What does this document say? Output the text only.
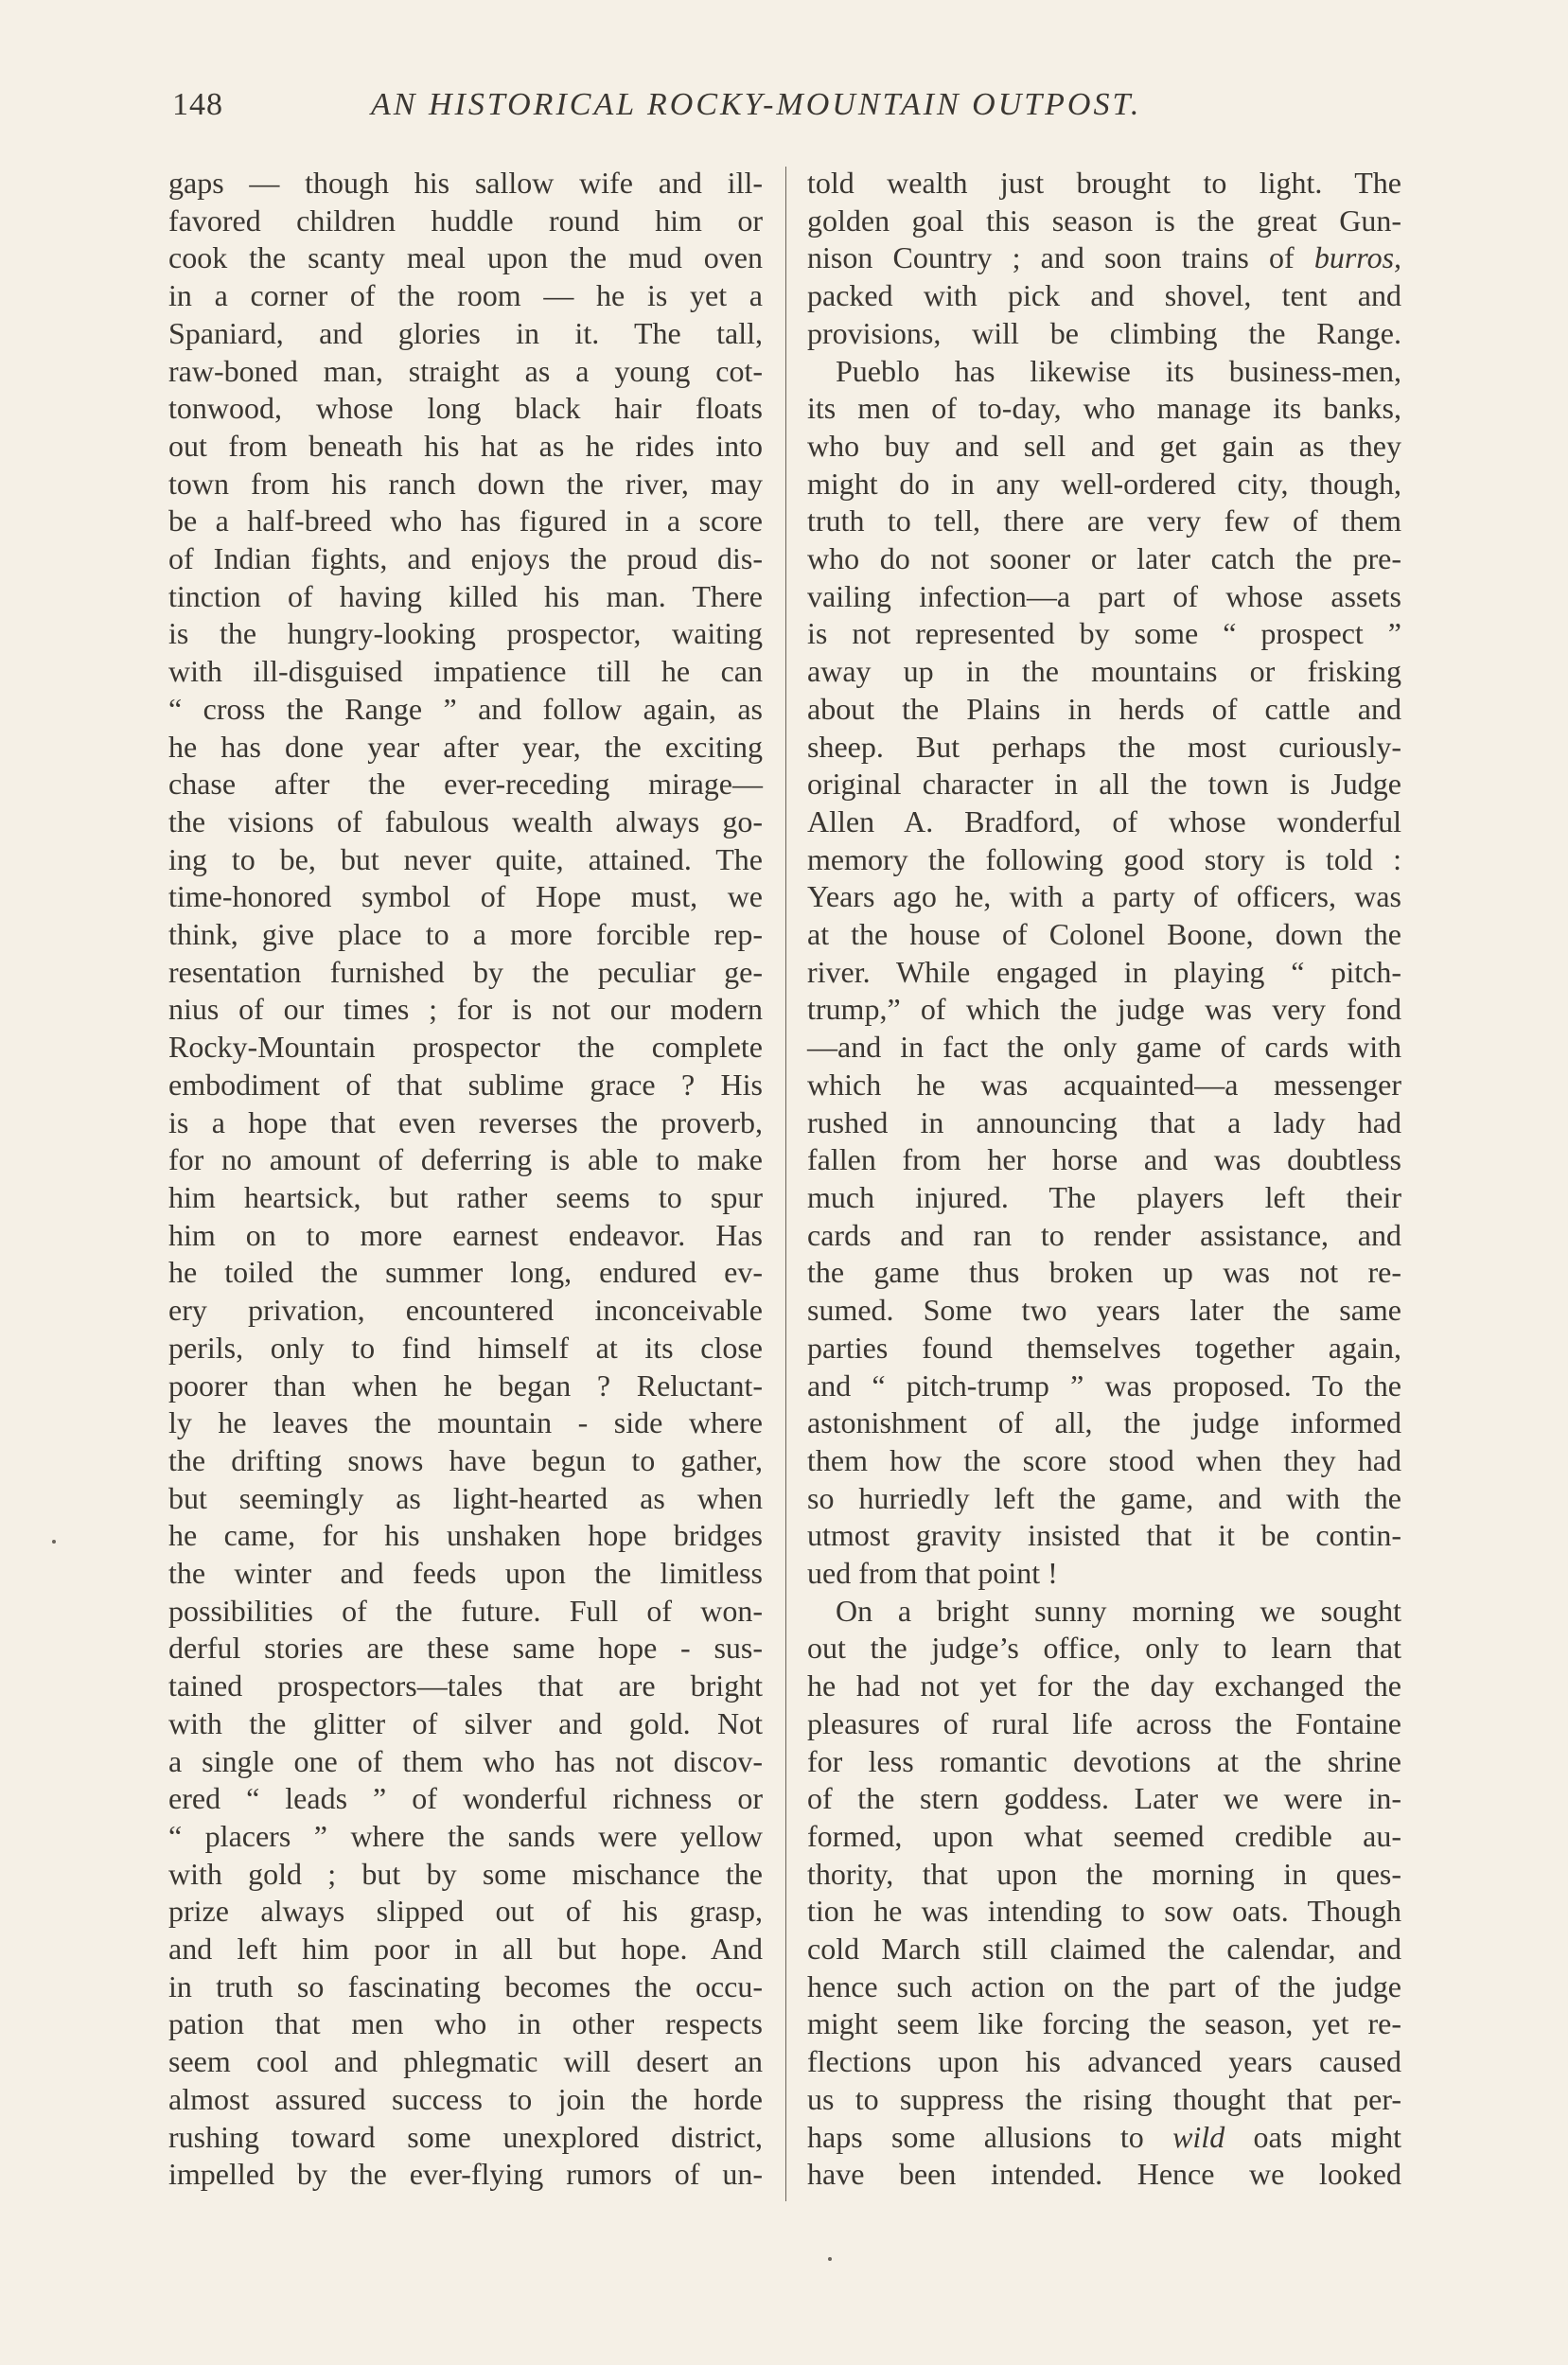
148	AN HISTORICAL ROCKY-MOUNTAIN OUTPOST.

gaps — though his sallow wife and ill-

favored children huddle round him or

cook the scanty meal upon the mud oven

in a corner of the room — he is yet a

Spaniard, and glories in it. The tall,

raw-boned man, straight as a young cot-

tonwood, whose long black hair floats

out from beneath his hat as he rides into

town from his ranch down the river, may

be a half-breed who has figured in a score

of Indian fights, and enjoys the proud dis-

tinction of having killed his man. There

is the hungry-looking prospector, waiting

with ill-disguised impatience till he can

“ cross the Range ” and follow again, as

he has done year after year, the exciting

chase after the ever-receding mirage—

the visions of fabulous wealth always go-

ing to be, but never quite, attained. The

time-honored symbol of Hope must, we

think, give place to a more forcible rep-

resentation furnished by the peculiar ge-

nius of our times ; for is not our modern

Rocky-Mountain prospector the complete

embodiment of that sublime grace ? His

is a hope that even reverses the proverb,

for no amount of deferring is able to make

him heartsick, but rather seems to spur

him on to more earnest endeavor. Has

he toiled the summer long, endured ev-

ery privation, encountered inconceivable

perils, only to find himself at its close

poorer than when he began ? Reluctant-

ly he leaves the mountain - side where

the drifting snows have begun to gather,

but seemingly as light-hearted as when

he came, for his unshaken hope bridges

the winter and feeds upon the limitless

possibilities of the future. Full of won-

derful stories are these same hope - sus-

tained prospectors—tales that are bright

with the glitter of silver and gold. Not

a single one of them who has not discov-

ered “ leads ” of wonderful richness or

“ placers ” where the sands were yellow

with gold ; but by some mischance the

prize always slipped out of his grasp,

and left him poor in all but hope. And

in truth so fascinating becomes the occu-

pation that men who in other respects

seem cool and phlegmatic will desert an

almost assured success to join the horde

rushing toward some unexplored district,

impelled by the ever-flying rumors of un-

told wealth just brought to light. The

golden goal this season is the great Gun-

nison Country ; and soon trains of burros,

packed with pick and shovel, tent and

provisions, will be climbing the Range.

Pueblo has likewise its business-men,

its men of to-day, who manage its banks,

who buy and sell and get gain as they

might do in any well-ordered city, though,

truth to tell, there are very few of them

who do not sooner or later catch the pre-

vailing infection—a part of whose assets

is not represented by some “ prospect ”

away up in the mountains or frisking

about the Plains in herds of cattle and

sheep. But perhaps the most curiously-

original character in all the town is Judge

Allen A. Bradford, of whose wonderful

memory the following good story is told :

Years ago he, with a party of officers, was

at the house of Colonel Boone, down the

river. While engaged in playing “ pitch-

trump,” of which the judge was very fond

—and in fact the only game of cards with

which he was acquainted—a messenger

rushed in announcing that a lady had

fallen from her horse and was doubtless

much injured. The players left their

cards and ran to render assistance, and

the game thus broken up was not re-

sumed. Some two years later the same

parties found themselves together again,

and “ pitch-trump ” was proposed. To the

astonishment of all, the judge informed

them how the score stood when they had

so hurriedly left the game, and with the

utmost gravity insisted that it be contin-

ued from that point !

On a bright sunny morning we sought

out the judge’s office, only to learn that

he had not yet for the day exchanged the

pleasures of rural life across the Fontaine

for less romantic devotions at the shrine

of the stern goddess. Later we were in-

formed, upon what seemed credible au-

thority, that upon the morning in ques-

tion he was intending to sow oats. Though

cold March still claimed the calendar, and

hence such action on the part of the judge

might seem like forcing the season, yet re-

flections upon his advanced years caused

us to suppress the rising thought that per-

haps some allusions to wild oats might

have been intended. Hence we looked
